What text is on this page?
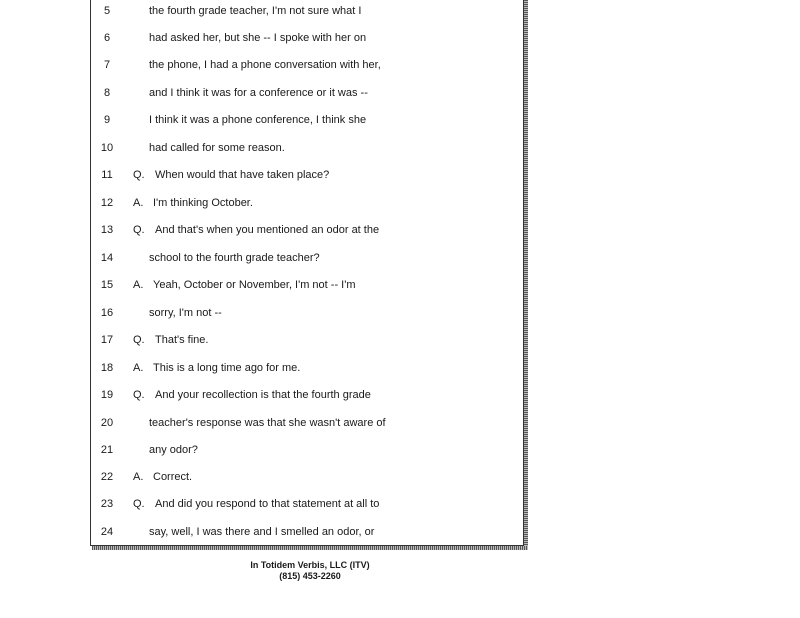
5	the fourth grade teacher, I'm not sure what I
6	had asked her, but she -- I spoke with her on
7	the phone, I had a phone conversation with her,
8	and I think it was for a conference or it was --
9	I think it was a phone conference, I think she
10	had called for some reason.
11	Q. When would that have taken place?
12	A. I'm thinking October.
13	Q. And that's when you mentioned an odor at the
14	school to the fourth grade teacher?
15	A. Yeah, October or November, I'm not -- I'm
16	sorry, I'm not --
17	Q. That's fine.
18	A. This is a long time ago for me.
19	Q. And your recollection is that the fourth grade
20	teacher's response was that she wasn't aware of
21	any odor?
22	A. Correct.
23	Q. And did you respond to that statement at all to
24	say, well, I was there and I smelled an odor, or
In Totidem Verbis, LLC (ITV)
(815) 453-2260
